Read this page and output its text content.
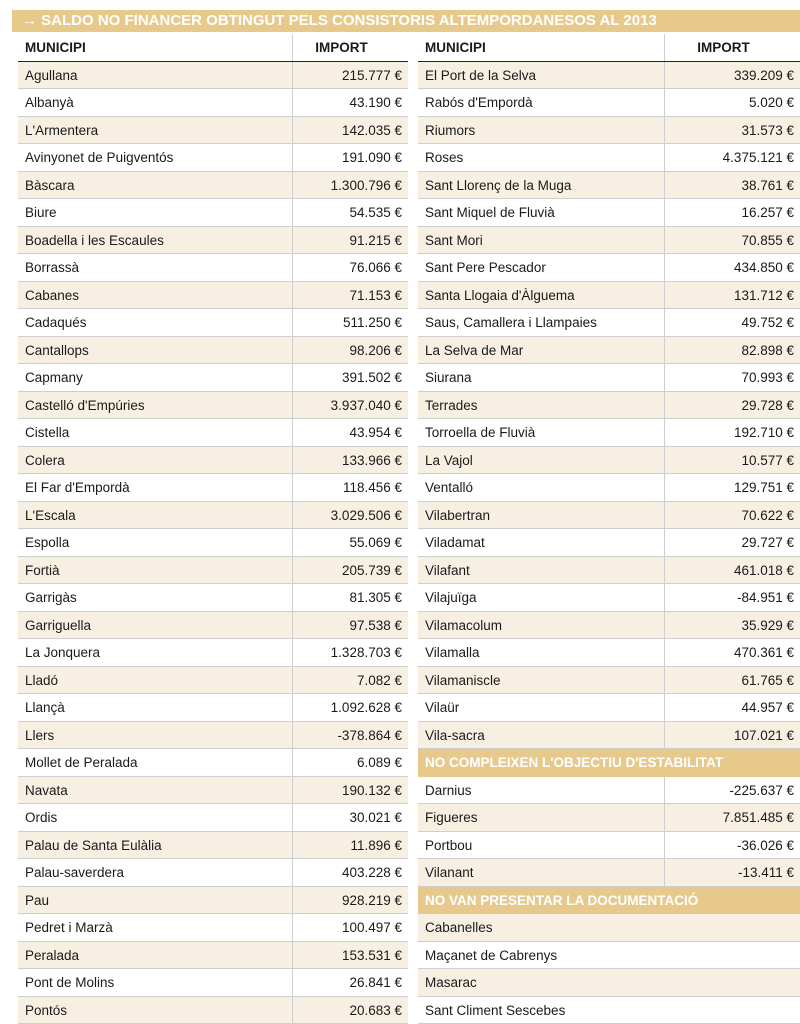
→ SALDO NO FINANCER OBTINGUT PELS CONSISTORIS ALTEMPORDANESOS AL 2013
MUNICIPI	IMPORT
Agullana	215.777 €
Albanyà	43.190 €
L'Armentera	142.035 €
Avinyonet de Puigventós	191.090 €
Bàscara	1.300.796 €
Biure	54.535 €
Boadella i les Escaules	91.215 €
Borrassà	76.066 €
Cabanes	71.153 €
Cadaqués	511.250 €
Cantallops	98.206 €
Capmany	391.502 €
Castelló d'Empúries	3.937.040 €
Cistella	43.954 €
Colera	133.966 €
El Far d'Empordà	118.456 €
L'Escala	3.029.506 €
Espolla	55.069 €
Fortià	205.739 €
Garrigàs	81.305 €
Garriguella	97.538 €
La Jonquera	1.328.703 €
Lladó	7.082 €
Llançà	1.092.628 €
Llers	-378.864 €
Mollet de Peralada	6.089 €
Navata	190.132 €
Ordis	30.021 €
Palau de Santa Eulàlia	11.896 €
Palau-saverdera	403.228 €
Pau	928.219 €
Pedret i Marzà	100.497 €
Peralada	153.531 €
Pont de Molins	26.841 €
Pontós	20.683 €
MUNICIPI	IMPORT
El Port de la Selva	339.209 €
Rabós d'Empordà	5.020 €
Riumors	31.573 €
Roses	4.375.121 €
Sant Llorenç de la Muga	38.761 €
Sant Miquel de Fluvià	16.257 €
Sant Mori	70.855 €
Sant Pere Pescador	434.850 €
Santa Llogaia d'Àlguema	131.712 €
Saus, Camallera i Llampaies	49.752 €
La Selva de Mar	82.898 €
Siurana	70.993 €
Terrades	29.728 €
Torroella de Fluvià	192.710 €
La Vajol	10.577 €
Ventalló	129.751 €
Vilabertran	70.622 €
Viladamat	29.727 €
Vilafant	461.018 €
Vilajuïga	-84.951 €
Vilamacolum	35.929 €
Vilamalla	470.361 €
Vilamaniscle	61.765 €
Vilaür	44.957 €
Vila-sacra	107.021 €
NO COMPLEIXEN L'OBJECTIU D'ESTABILITAT
Darnius	-225.637 €
Figueres	7.851.485 €
Portbou	-36.026 €
Vilanant	-13.411 €
NO VAN PRESENTAR LA DOCUMENTACIÓ
Cabanelles
Maçanet de Cabrenys
Masarac
Sant Climent Sescebes
